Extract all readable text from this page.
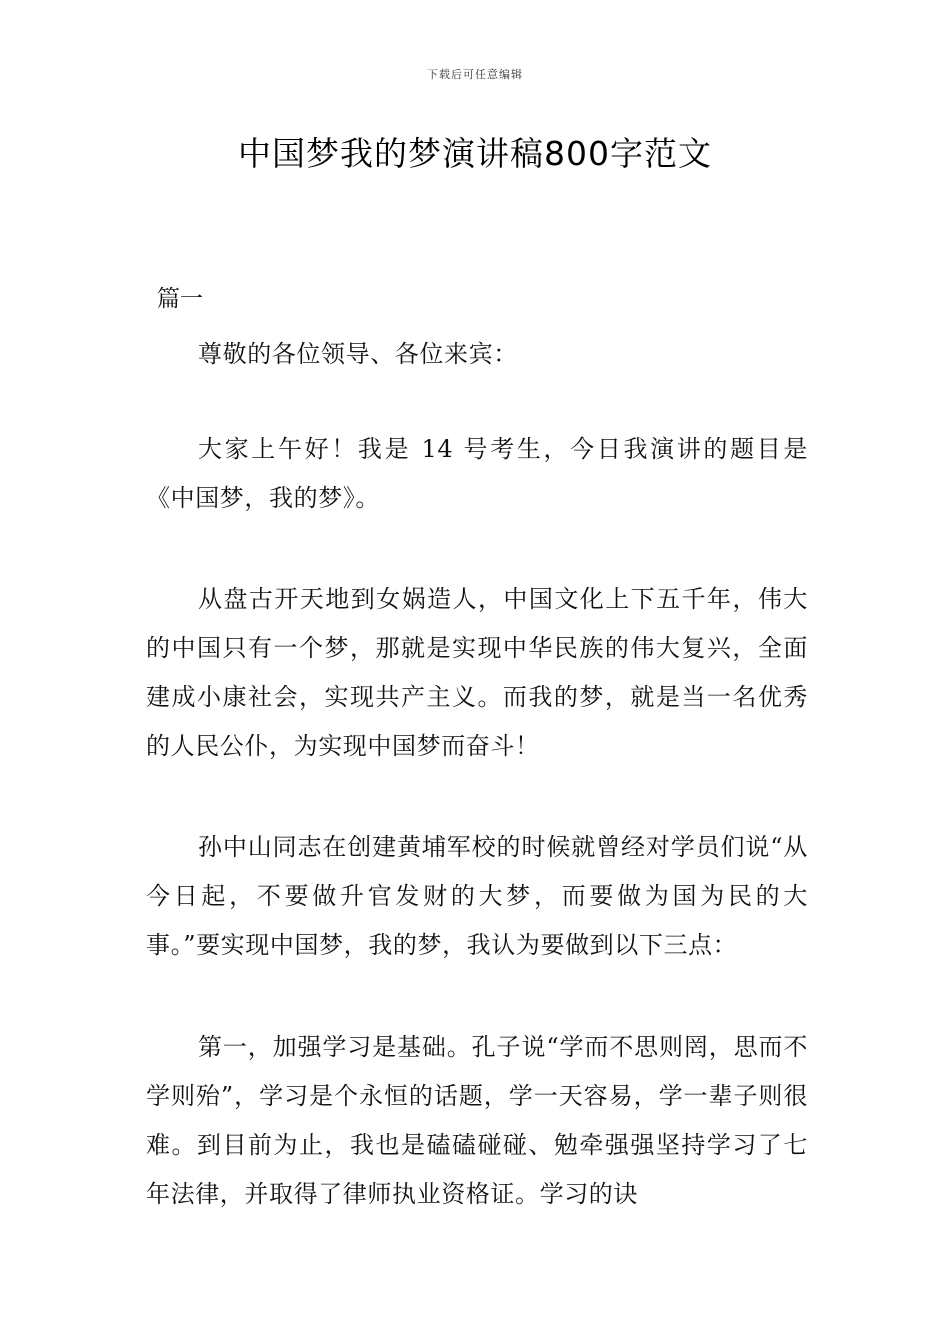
下载后可任意编辑
中国梦我的梦演讲稿800字范文
篇一
尊敬的各位领导、各位来宾：
大家上午好！我是 14 号考生，今日我演讲的题目是《中国梦，我的梦》。
从盘古开天地到女娲造人，中国文化上下五千年，伟大的中国只有一个梦，那就是实现中华民族的伟大复兴，全面建成小康社会，实现共产主义。而我的梦，就是当一名优秀的人民公仆，为实现中国梦而奋斗！
孙中山同志在创建黄埔军校的时候就曾经对学员们说“从今日起，不要做升官发财的大梦，而要做为国为民的大事。”要实现中国梦，我的梦，我认为要做到以下三点：
第一，加强学习是基础。孔子说“学而不思则罔，思而不学则殆”，学习是个永恒的话题，学一天容易，学一辈子则很难。到目前为止，我也是磕磕碰碰、勉牵强强坚持学习了七年法律，并取得了律师执业资格证。学习的诀
